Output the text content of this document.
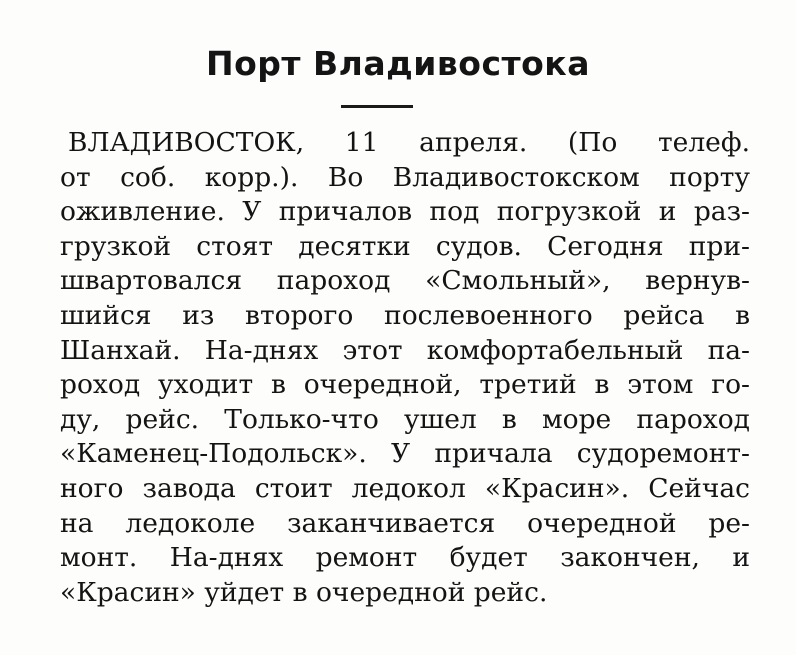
Порт Владивостока
ВЛАДИВОСТОК, 11 апреля. (По телеф.
от соб. корр.). Во Владивостокском порту
оживление. У причалов под погрузкой и раз-
грузкой стоят десятки судов. Сегодня при-
швартовался пароход «Смольный», вернув-
шийся из второго послевоенного рейса в
Шанхай. На-днях этот комфортабельный па-
роход уходит в очередной, третий в этом го-
ду, рейс. Только-что ушел в море пароход
«Каменец-Подольск». У причала судоремонт-
ного завода стоит ледокол «Красин». Сейчас
на ледоколе заканчивается очередной ре-
монт. На-днях ремонт будет закончен, и
«Красин» уйдет в очередной рейс.
